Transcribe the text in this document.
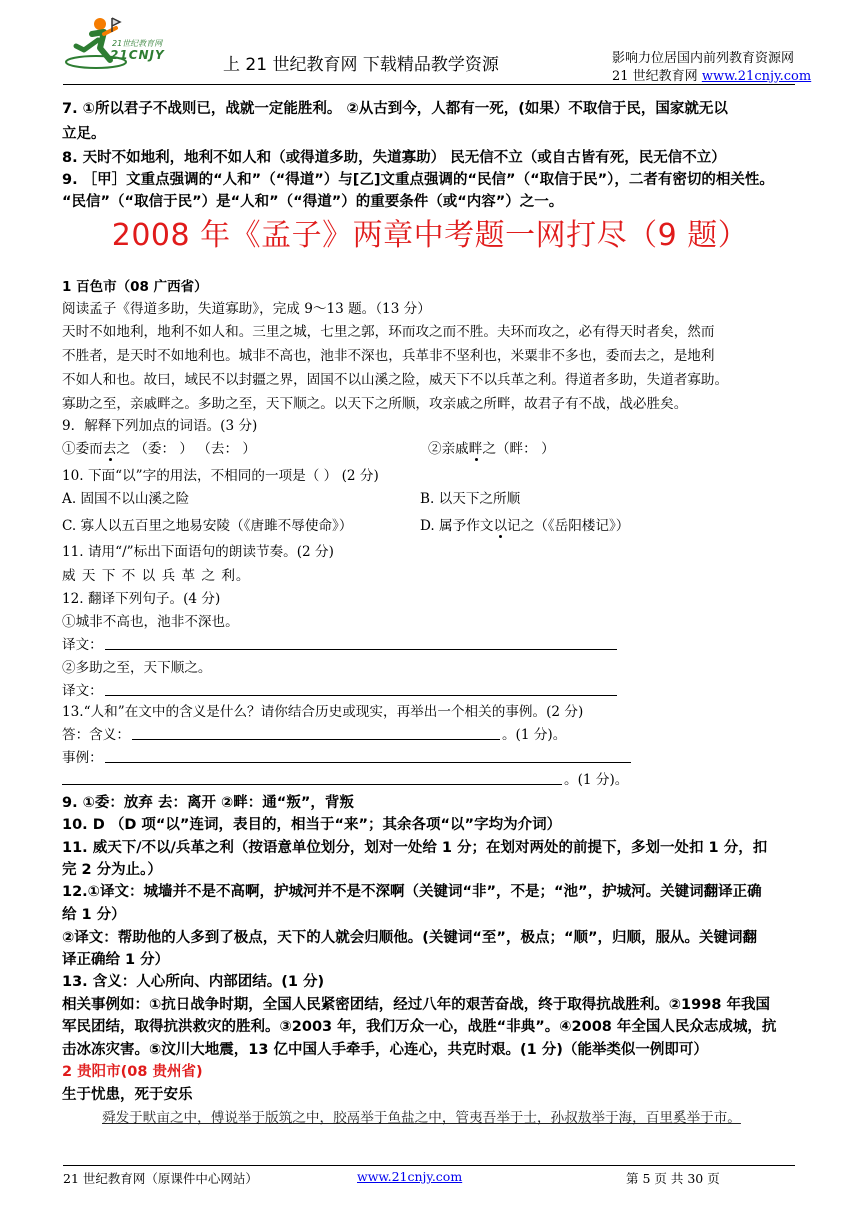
21世纪教育网
21CNJY	上 21 世纪教育网 下载精品教学资源	影响力位居国内前列教育资源网
21 世纪教育网 www.21cnjy.com
7. ①所以君子不战则已，战就一定能胜利。 ②从古到今，人都有一死，(如果）不取信于民，国家就无以
立足。
8. 天时不如地利，地利不如人和（或得道多助，失道寡助） 民无信不立（或自古皆有死，民无信不立）
9. ［甲］文重点强调的“人和”（“得道”）与[乙]文重点强调的“民信”（“取信于民”），二者有密切的相关性。
“民信”（“取信于民”）是“人和”（“得道”）的重要条件（或“内容”）之一。
2008 年《孟子》两章中考题一网打尽（9 题）
1 百色市（08 广西省）
阅读孟子《得道多助，失道寡助》，完成 9～13 题。（13 分）
天时不如地利，地利不如人和。三里之城，七里之郭，环而攻之而不胜。夫环而攻之，必有得天时者矣，然而
不胜者，是天时不如地利也。城非不高也，池非不深也，兵革非不坚利也，米粟非不多也，委而去之，是地利
不如人和也。故曰，域民不以封疆之界，固国不以山溪之险，威天下不以兵革之利。得道者多助，失道者寡助。
寡助之至，亲戚畔之。多助之至，天下顺之。以天下之所顺，攻亲戚之所畔，故君子有不战，战必胜矣。
9．解释下列加点的词语。(3 分)
①委而去之 （委： ） （去： ）	②亲戚畔之（畔： ）
10. 下面“以”字的用法，不相同的一项是（ ） (2 分)
A. 固国不以山溪之险	B. 以天下之所顺
C. 寡人以五百里之地易安陵（《唐雎不辱使命》）	D. 属予作文以记之（《岳阳楼记》）
11. 请用“/”标出下面语句的朗读节奏。(2 分)
威 天 下 不 以 兵 革 之 利。
12. 翻译下列句子。(4 分)
①城非不高也，池非不深也。
译文：
②多助之至，天下顺之。
译文：
13.“人和”在文中的含义是什么？请你结合历史或现实，再举出一个相关的事例。(2 分)
答：含义：	。(1 分)。
事例：
。(1 分)。
9. ①委：放弃 去：离开 ②畔：通“叛”，背叛
10. D （D 项“以”连词，表目的，相当于“来”；其余各项“以”字均为介词）
11. 威天下/不以/兵革之利（按语意单位划分，划对一处给 1 分；在划对两处的前提下，多划一处扣 1 分，扣
完 2 分为止。）
12.①译文：城墙并不是不高啊，护城河并不是不深啊（关键词“非”，不是；“池”，护城河。关键词翻译正确
给 1 分）
②译文：帮助他的人多到了极点，天下的人就会归顺他。(关键词“至”，极点；“顺”，归顺，服从。关键词翻
译正确给 1 分）
13. 含义：人心所向、内部团结。(1 分)
相关事例如：①抗日战争时期，全国人民紧密团结，经过八年的艰苦奋战，终于取得抗战胜利。②1998 年我国
军民团结，取得抗洪救灾的胜利。③2003 年，我们万众一心，战胜“非典”。④2008 年全国人民众志成城，抗
击冰冻灾害。⑤汶川大地震，13 亿中国人手牵手，心连心，共克时艰。(1 分)（能举类似一例即可）
2 贵阳市(08 贵州省)
生于忧患，死于安乐
舜发于畎亩之中，傅说举于版筑之中，胶鬲举于鱼盐之中，管夷吾举于士，孙叔敖举于海，百里奚举于市。
21 世纪教育网（原课件中心网站）	www.21cnjy.com	第 5 页 共 30 页
